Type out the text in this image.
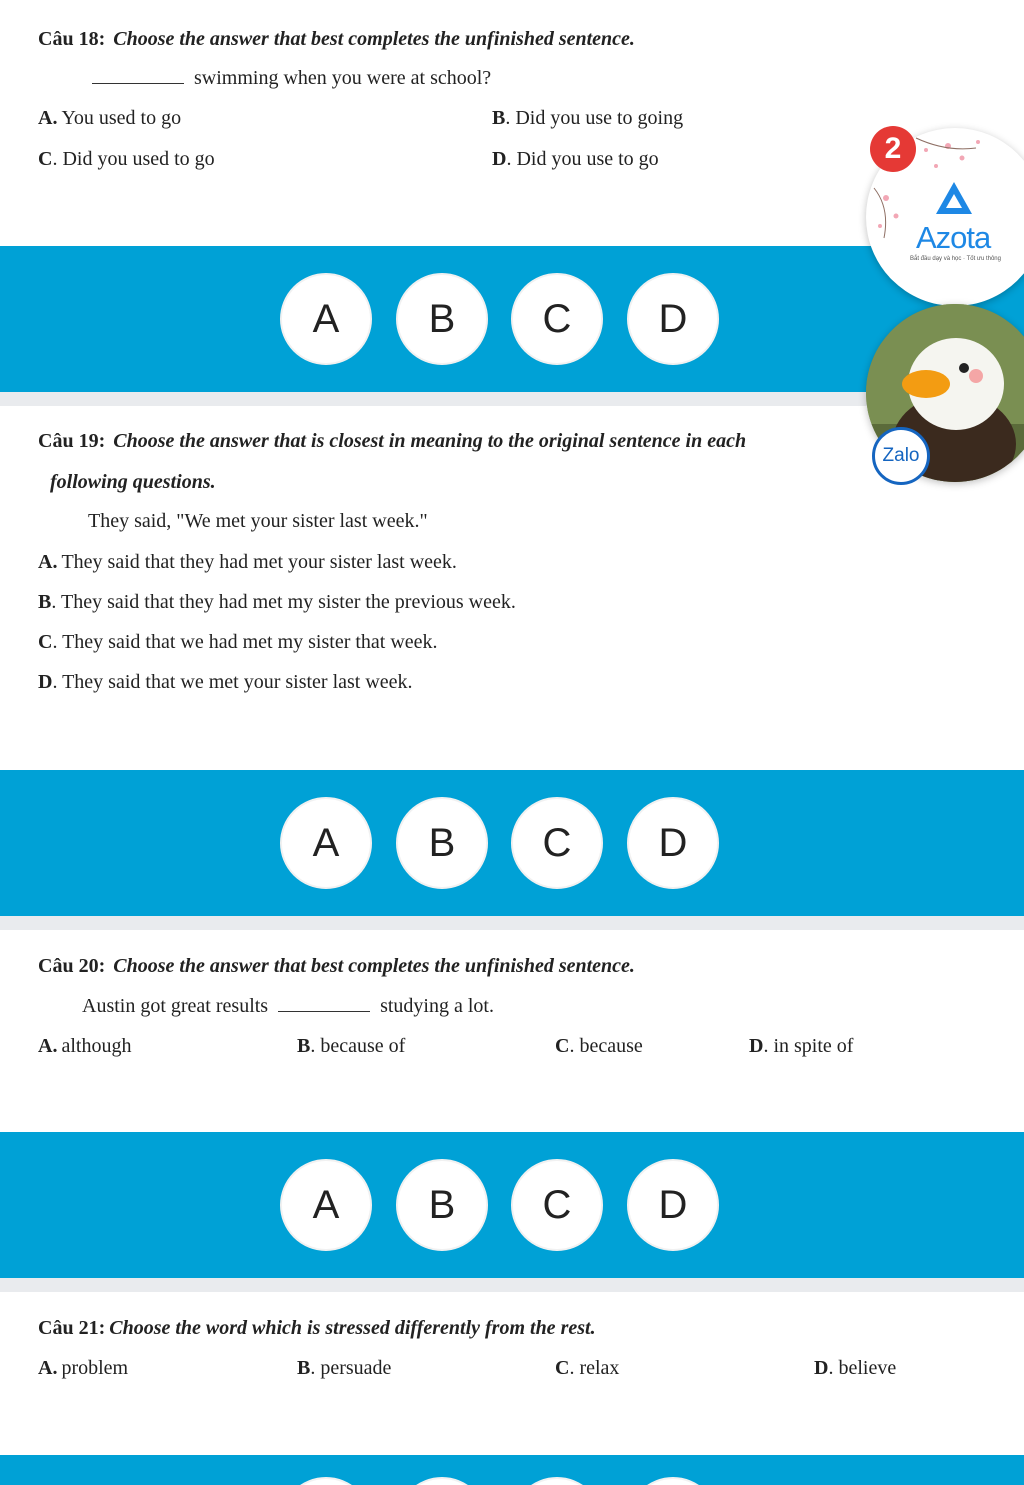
Câu 18: Choose the answer that best completes the unfinished sentence.
swimming when you were at school?
A. You used to go	B. Did you use to going
C. Did you used to go	D. Did you use to go
A	B	C	D
Câu 19: Choose the answer that is closest in meaning to the original sentence in each
following questions.
They said, "We met your sister last week."
A. They said that they had met your sister last week.
B. They said that they had met my sister the previous week.
C. They said that we had met my sister that week.
D. They said that we met your sister last week.
A	B	C	D
Câu 20: Choose the answer that best completes the unfinished sentence.
Austin got great results	studying a lot.
A. although	B. because of	C. because	D. in spite of
A	B	C	D
Câu 21: Choose the word which is stressed differently from the rest.
A. problem	B. persuade	C. relax	D. believe
Azota
Bắt đầu dạy và học · Tốt ưu thông
2
Zalo
